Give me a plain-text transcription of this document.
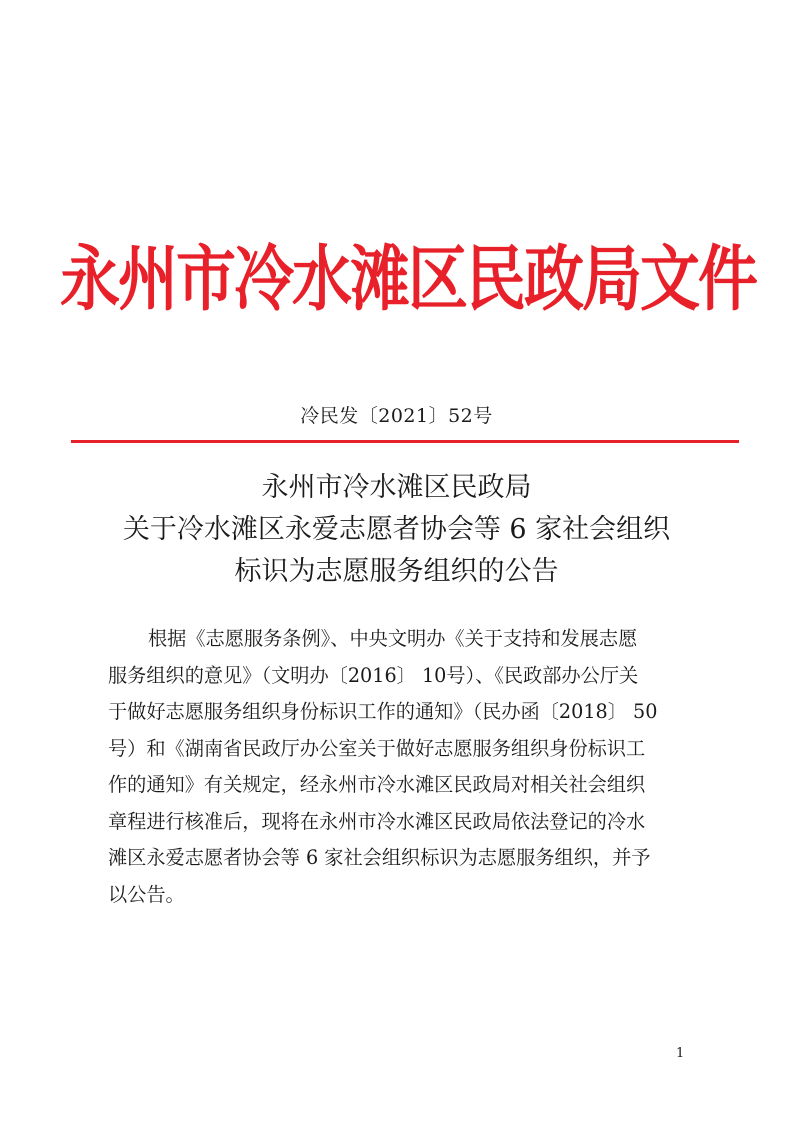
永州市冷水滩区民政局文件
冷民发〔2021〕52号
永州市冷水滩区民政局
关于冷水滩区永爱志愿者协会等 6 家社会组织
标识为志愿服务组织的公告
根据《志愿服务条例》、中央文明办《关于支持和发展志愿
服务组织的意见》（文明办〔2016〕 10号）、《民政部办公厅关
于做好志愿服务组织身份标识工作的通知》（民办函〔2018〕 50
号）和《湖南省民政厅办公室关于做好志愿服务组织身份标识工
作的通知》有关规定，经永州市冷水滩区民政局对相关社会组织
章程进行核准后，现将在永州市冷水滩区民政局依法登记的冷水
滩区永爱志愿者协会等 6 家社会组织标识为志愿服务组织，并予
以公告。
1
